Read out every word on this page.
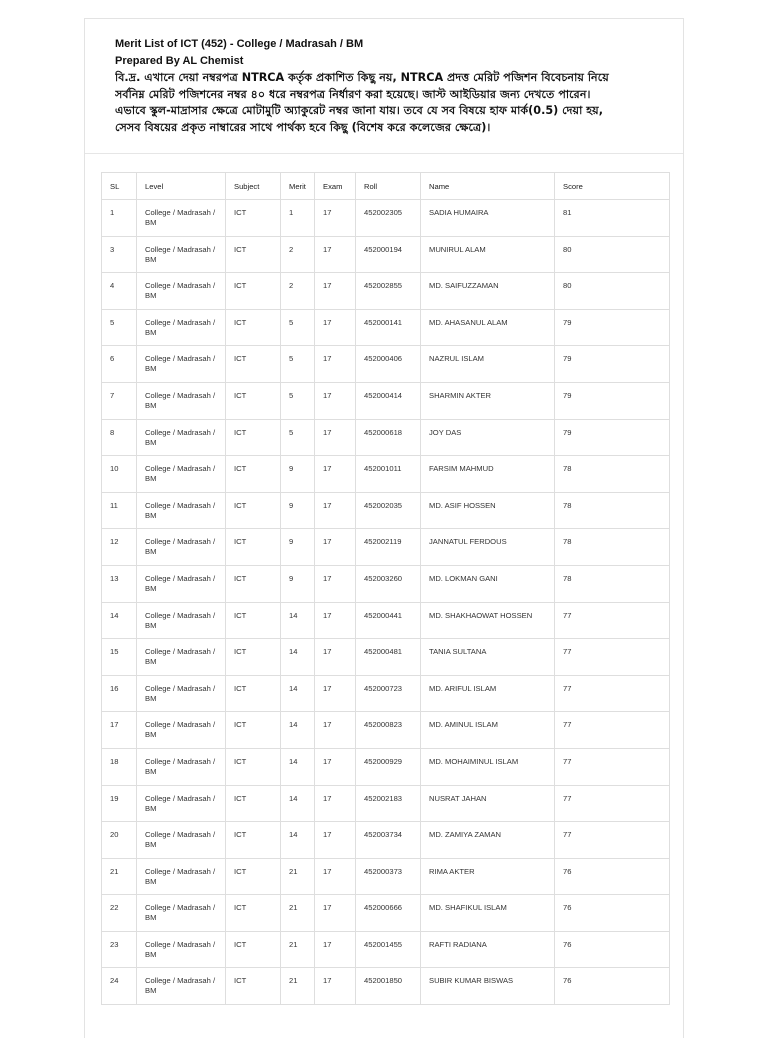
Merit List of ICT (452) - College / Madrasah / BM
Prepared By AL Chemist
বি.দ্র. এখানে দেয়া নম্বরপত্র NTRCA কর্তৃক প্রকাশিত কিছু নয়, NTRCA প্রদত্ত মেরিট পজিশন বিবেচনায় নিয়ে
সর্বনিম্ন মেরিট পজিশনের নম্বর ৪০ ধরে নম্বরপত্র নির্ধারণ করা হয়েছে। জাস্ট আইডিয়ার জন্য দেখতে পারেন।
এভাবে স্কুল-মাদ্রাসার ক্ষেত্রে মোটামুটি অ্যাকুরেট নম্বর জানা যায়। তবে যে সব বিষয়ে হাফ মার্ক(0.5) দেয়া হয়,
সেসব বিষয়ের প্রকৃত নাম্বারের সাথে পার্থক্য হবে কিছু (বিশেষ করে কলেজের ক্ষেত্রে)।
SL	Level	Subject	Merit	Exam	Roll	Name	Score

1	College / Madrasah / BM	ICT	1	17	452002305	SADIA HUMAIRA	81

3	College / Madrasah / BM	ICT	2	17	452000194	MUNIRUL ALAM	80

4	College / Madrasah / BM	ICT	2	17	452002855	MD. SAIFUZZAMAN	80

5	College / Madrasah / BM	ICT	5	17	452000141	MD. AHASANUL ALAM	79

6	College / Madrasah / BM	ICT	5	17	452000406	NAZRUL ISLAM	79

7	College / Madrasah / BM	ICT	5	17	452000414	SHARMIN AKTER	79

8	College / Madrasah / BM	ICT	5	17	452000618	JOY DAS	79

10	College / Madrasah / BM	ICT	9	17	452001011	FARSIM MAHMUD	78

11	College / Madrasah / BM	ICT	9	17	452002035	MD. ASIF HOSSEN	78

12	College / Madrasah / BM	ICT	9	17	452002119	JANNATUL FERDOUS	78

13	College / Madrasah / BM	ICT	9	17	452003260	MD. LOKMAN GANI	78

14	College / Madrasah / BM	ICT	14	17	452000441	MD. SHAKHAOWAT HOSSEN	77

15	College / Madrasah / BM	ICT	14	17	452000481	TANIA SULTANA	77

16	College / Madrasah / BM	ICT	14	17	452000723	MD. ARIFUL ISLAM	77

17	College / Madrasah / BM	ICT	14	17	452000823	MD. AMINUL ISLAM	77

18	College / Madrasah / BM	ICT	14	17	452000929	MD. MOHAIMINUL ISLAM	77

19	College / Madrasah / BM	ICT	14	17	452002183	NUSRAT JAHAN	77

20	College / Madrasah / BM	ICT	14	17	452003734	MD. ZAMIYA ZAMAN	77

21	College / Madrasah / BM	ICT	21	17	452000373	RIMA AKTER	76

22	College / Madrasah / BM	ICT	21	17	452000666	MD. SHAFIKUL ISLAM	76

23	College / Madrasah / BM	ICT	21	17	452001455	RAFTI RADIANA	76

24	College / Madrasah / BM	ICT	21	17	452001850	SUBIR KUMAR BISWAS	76
